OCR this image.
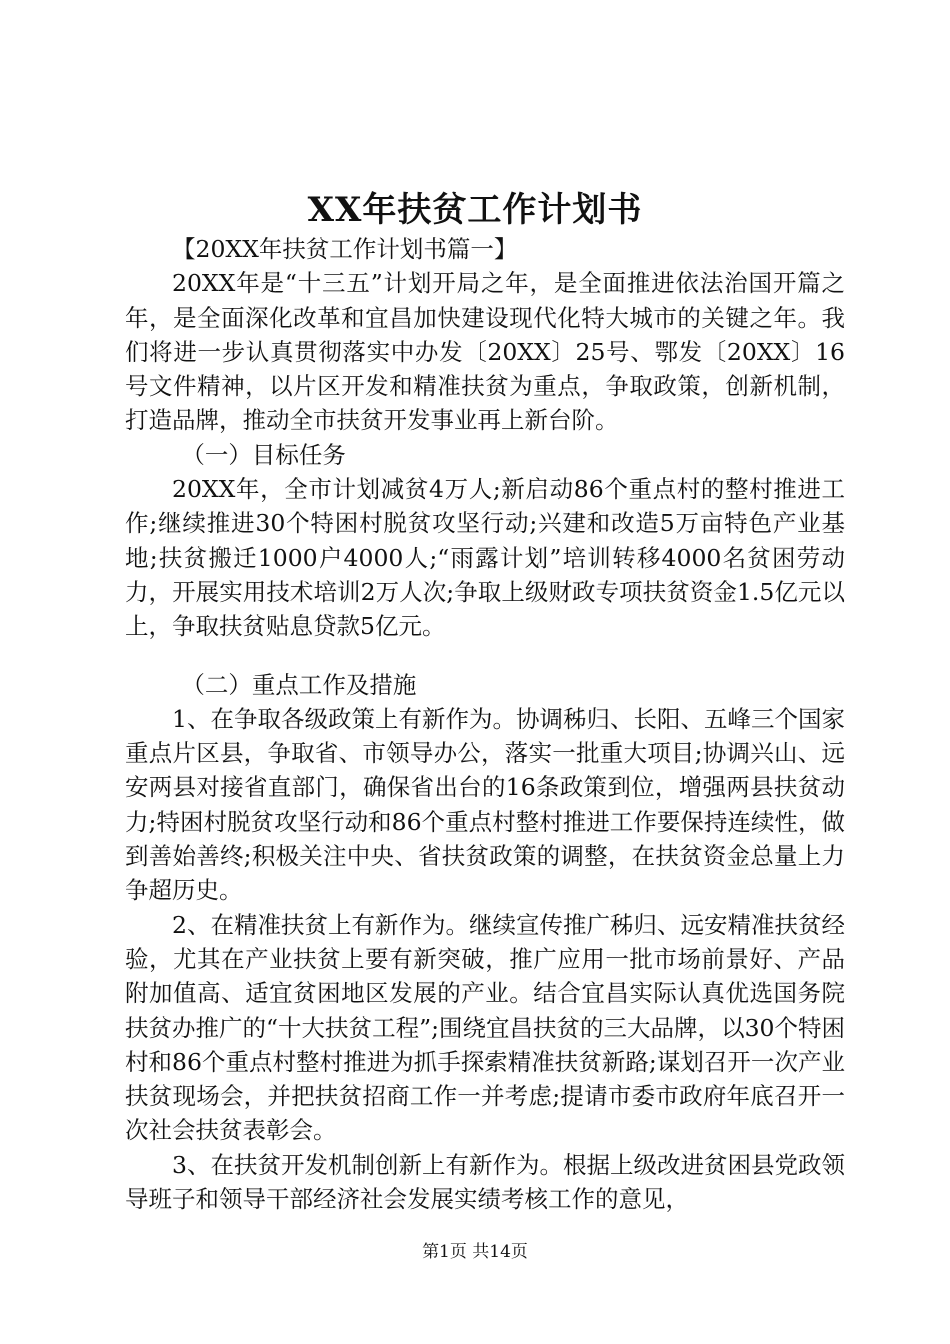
XX年扶贫工作计划书

【20XX年扶贫工作计划书篇一】

20XX年是“十三五”计划开局之年，是全面推进依法治国开篇之年，是全面深化改革和宜昌加快建设现代化特大城市的关键之年。我们将进一步认真贯彻落实中办发〔20XX〕25号、鄂发〔20XX〕16号文件精神，以片区开发和精准扶贫为重点，争取政策，创新机制，打造品牌，推动全市扶贫开发事业再上新台阶。

（一）目标任务

20XX年，全市计划减贫4万人;新启动86个重点村的整村推进工作;继续推进30个特困村脱贫攻坚行动;兴建和改造5万亩特色产业基地;扶贫搬迁1000户4000人;“雨露计划”培训转移4000名贫困劳动力，开展实用技术培训2万人次;争取上级财政专项扶贫资金1.5亿元以上，争取扶贫贴息贷款5亿元。

（二）重点工作及措施

1、在争取各级政策上有新作为。协调秭归、长阳、五峰三个国家重点片区县，争取省、市领导办公，落实一批重大项目;协调兴山、远安两县对接省直部门，确保省出台的16条政策到位，增强两县扶贫动力;特困村脱贫攻坚行动和86个重点村整村推进工作要保持连续性，做到善始善终;积极关注中央、省扶贫政策的调整，在扶贫资金总量上力争超历史。

2、在精准扶贫上有新作为。继续宣传推广秭归、远安精准扶贫经验，尤其在产业扶贫上要有新突破，推广应用一批市场前景好、产品附加值高、适宜贫困地区发展的产业。结合宜昌实际认真优选国务院扶贫办推广的“十大扶贫工程”;围绕宜昌扶贫的三大品牌，以30个特困村和86个重点村整村推进为抓手探索精准扶贫新路;谋划召开一次产业扶贫现场会，并把扶贫招商工作一并考虑;提请市委市政府年底召开一次社会扶贫表彰会。

3、在扶贫开发机制创新上有新作为。根据上级改进贫困县党政领导班子和领导干部经济社会发展实绩考核工作的意见，

第1页 共14页
